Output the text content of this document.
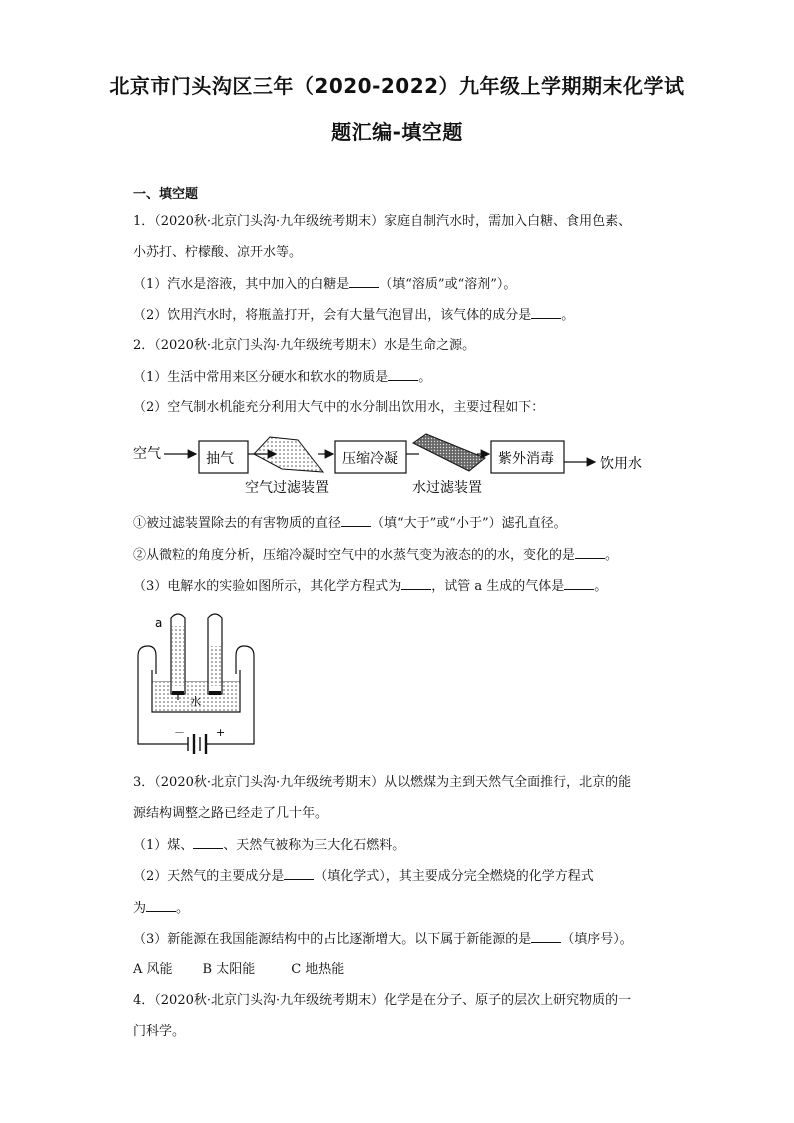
北京市门头沟区三年（2020-2022）九年级上学期期末化学试
题汇编-填空题
一、填空题
1．（2020秋·北京门头沟·九年级统考期末）家庭自制汽水时，需加入白糖、食用色素、
小苏打、柠檬酸、凉开水等。
（1）汽水是溶液，其中加入的白糖是 （填“溶质”或“溶剂”）。
（2）饮用汽水时，将瓶盖打开，会有大量气泡冒出，该气体的成分是 。
2．（2020秋·北京门头沟·九年级统考期末）水是生命之源。
（1）生活中常用来区分硬水和软水的物质是 。
（2）空气制水机能充分利用大气中的水分制出饮用水，主要过程如下：
空气	抽气	压缩冷凝	紫外消毒	饮用水
空气过滤装置	水过滤装置
①被过滤装置除去的有害物质的直径 （填“大于”或“小于”）滤孔直径。
②从微粒的角度分析，压缩冷凝时空气中的水蒸气变为液态的的水，变化的是 。
（3）电解水的实验如图所示，其化学方程式为 ，试管 a 生成的气体是 。
a
水
－	+
3．（2020秋·北京门头沟·九年级统考期末）从以燃煤为主到天然气全面推行，北京的能
源结构调整之路已经走了几十年。
（1）煤、 、天然气被称为三大化石燃料。
（2）天然气的主要成分是 （填化学式），其主要成分完全燃烧的化学方程式
为 。
（3）新能源在我国能源结构中的占比逐渐增大。以下属于新能源的是 （填序号）。
A 风能 B 太阳能	C 地热能
4．（2020秋·北京门头沟·九年级统考期末）化学是在分子、原子的层次上研究物质的一
门科学。
